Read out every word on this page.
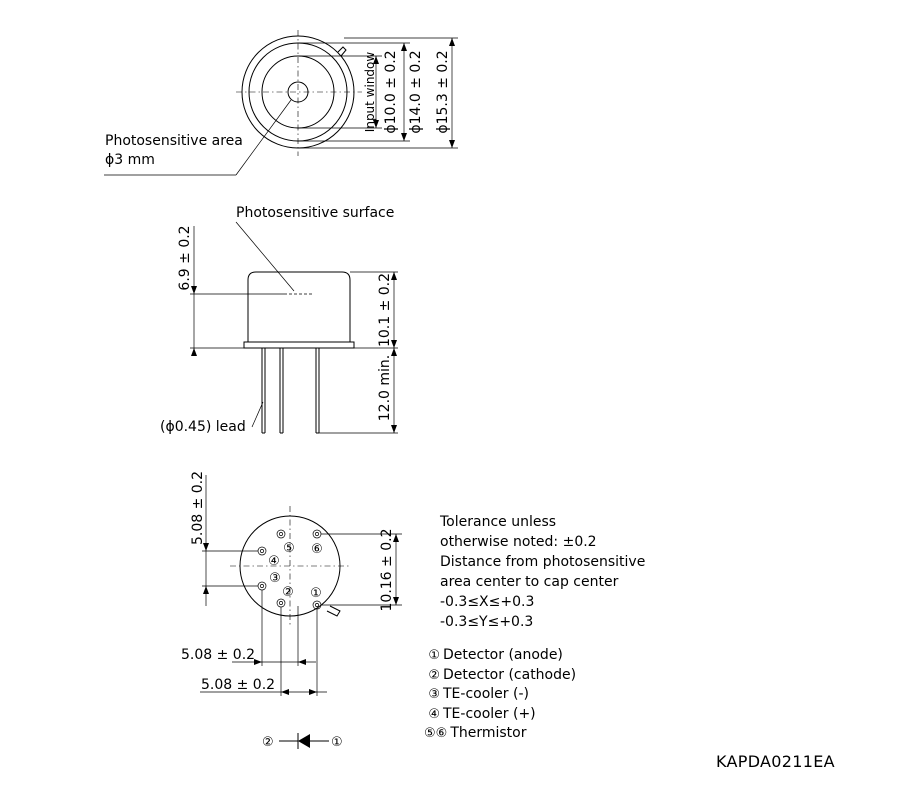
Input window ϕ10.0 ± 0.2 ϕ14.0 ± 0.2 ϕ15.3 ± 0.2
Photosensitive area
ϕ3 mm
Photosensitive surface
6.9 ± 0.2
10.1 ± 0.2
12.0 min.
(ϕ0.45) lead
⑤ ⑥
④
③
② ①
5.08 ± 0.2
10.16 ± 0.2
5.08 ± 0.2
5.08 ± 0.2
②	①
Tolerance unless
otherwise noted: ±0.2
Distance from photosensitive
area center to cap center
-0.3≤X≤+0.3
-0.3≤Y≤+0.3
① Detector (anode)
② Detector (cathode)
③ TE-cooler (-)
④ TE-cooler (+)
⑤⑥ Thermistor
KAPDA0211EA
